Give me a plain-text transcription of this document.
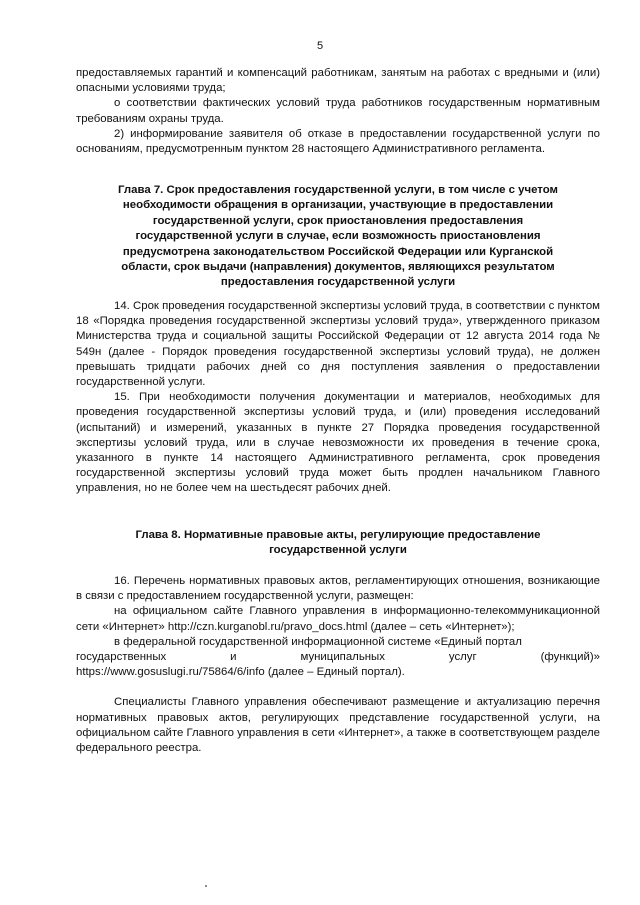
5

предоставляемых гарантий и компенсаций работникам, занятым на работах с вредными и (или) опасными условиями труда;

о соответствии фактических условий труда работников государственным нормативным требованиям охраны труда.

2) информирование заявителя об отказе в предоставлении государственной услуги по основаниям, предусмотренным пунктом 28 настоящего Административного регламента.

Глава 7. Срок предоставления государственной услуги, в том числе с учетом
необходимости обращения в организации, участвующие в предоставлении
государственной услуги, срок приостановления предоставления
государственной услуги в случае, если возможность приостановления
предусмотрена законодательством Российской Федерации или Курганской
области, срок выдачи (направления) документов, являющихся результатом
предоставления государственной услуги

14. Срок проведения государственной экспертизы условий труда, в соответствии с пунктом 18 «Порядка проведения государственной экспертизы условий труда», утвержденного приказом Министерства труда и социальной защиты Российской Федерации от 12 августа 2014 года № 549н (далее - Порядок проведения государственной экспертизы условий труда), не должен превышать тридцати рабочих дней со дня поступления заявления о предоставлении государственной услуги.

15. При необходимости получения документации и материалов, необходимых для проведения государственной экспертизы условий труда, и (или) проведения исследований (испытаний) и измерений, указанных в пункте 27 Порядка проведения государственной экспертизы условий труда, или в случае невозможности их проведения в течение срока, указанного в пункте 14 настоящего Административного регламента, срок проведения государственной экспертизы условий труда может быть продлен начальником Главного управления, но не более чем на шестьдесят рабочих дней.

Глава 8. Нормативные правовые акты, регулирующие предоставление
государственной услуги

16. Перечень нормативных правовых актов, регламентирующих отношения, возникающие в связи с предоставлением государственной услуги, размещен:

на официальном сайте Главного управления в информационно-телекоммуникационной сети «Интернет» http://czn.kurganobl.ru/pravo_docs.html (далее – сеть «Интернет»);

в федеральной государственной информационной системе «Единый портал

государственных	и	муниципальных	услуг	(функций)»

https://www.gosuslugi.ru/75864/6/info (далее – Единый портал).

Специалисты Главного управления обеспечивают размещение и актуализацию перечня нормативных правовых актов, регулирующих представление государственной услуги, на официальном сайте Главного управления в сети «Интернет», а также в соответствующем разделе федерального реестра.
